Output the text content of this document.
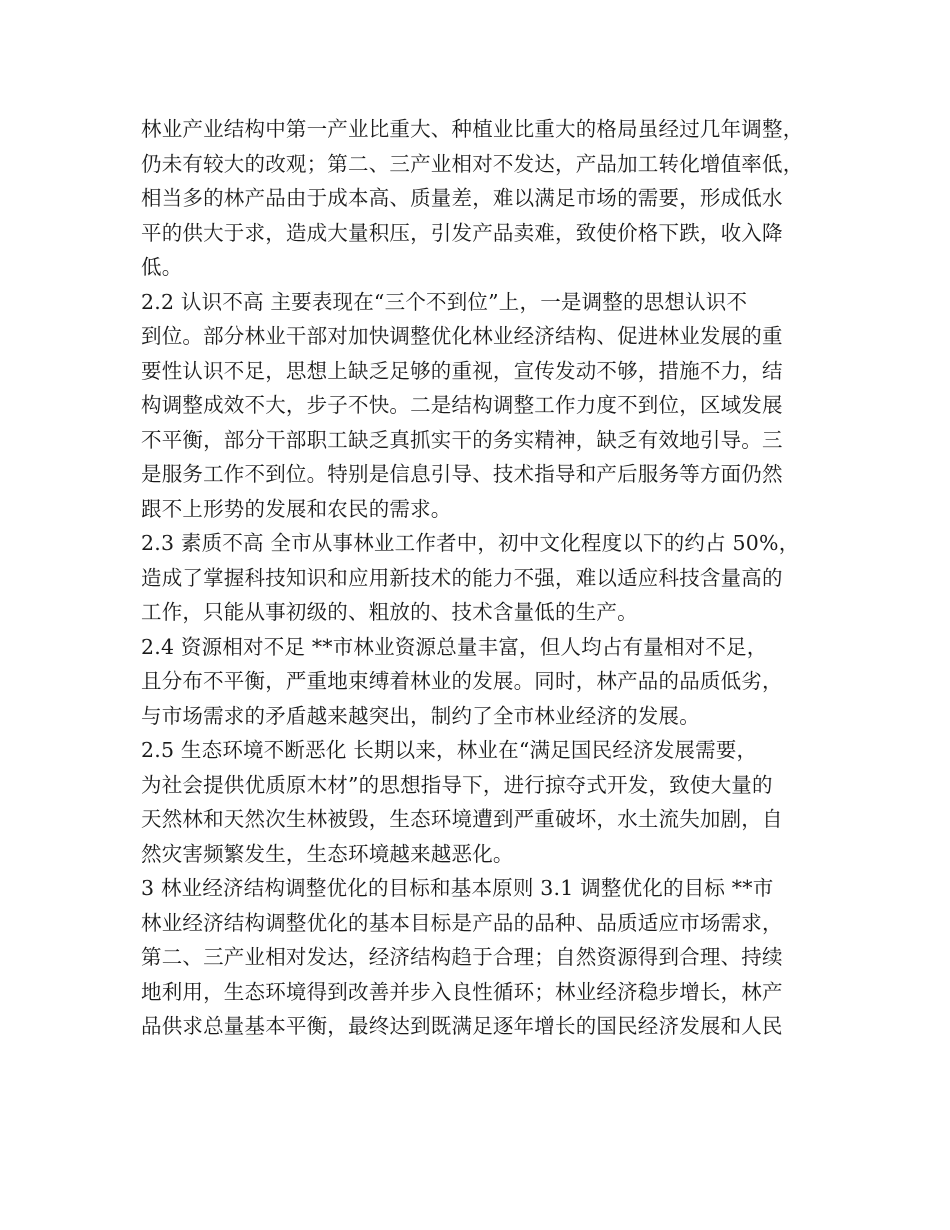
林业产业结构中第一产业比重大、种植业比重大的格局虽经过几年调整，
仍未有较大的改观；第二、三产业相对不发达，产品加工转化增值率低，
相当多的林产品由于成本高、质量差，难以满足市场的需要，形成低水
平的供大于求，造成大量积压，引发产品卖难，致使价格下跌，收入降
低。
2.2 认识不高 主要表现在“三个不到位”上，一是调整的思想认识不
到位。部分林业干部对加快调整优化林业经济结构、促进林业发展的重
要性认识不足，思想上缺乏足够的重视，宣传发动不够，措施不力，结
构调整成效不大，步子不快。二是结构调整工作力度不到位，区域发展
不平衡，部分干部职工缺乏真抓实干的务实精神，缺乏有效地引导。三
是服务工作不到位。特别是信息引导、技术指导和产后服务等方面仍然
跟不上形势的发展和农民的需求。
2.3 素质不高 全市从事林业工作者中，初中文化程度以下的约占 50%，
造成了掌握科技知识和应用新技术的能力不强，难以适应科技含量高的
工作，只能从事初级的、粗放的、技术含量低的生产。
2.4 资源相对不足 **市林业资源总量丰富，但人均占有量相对不足，
且分布不平衡，严重地束缚着林业的发展。同时，林产品的品质低劣，
与市场需求的矛盾越来越突出，制约了全市林业经济的发展。
2.5 生态环境不断恶化 长期以来，林业在“满足国民经济发展需要，
为社会提供优质原木材”的思想指导下，进行掠夺式开发，致使大量的
天然林和天然次生林被毁，生态环境遭到严重破坏，水土流失加剧，自
然灾害频繁发生，生态环境越来越恶化。
3 林业经济结构调整优化的目标和基本原则 3.1 调整优化的目标 **市
林业经济结构调整优化的基本目标是产品的品种、品质适应市场需求，
第二、三产业相对发达，经济结构趋于合理；自然资源得到合理、持续
地利用，生态环境得到改善并步入良性循环；林业经济稳步增长，林产
品供求总量基本平衡，最终达到既满足逐年增长的国民经济发展和人民
